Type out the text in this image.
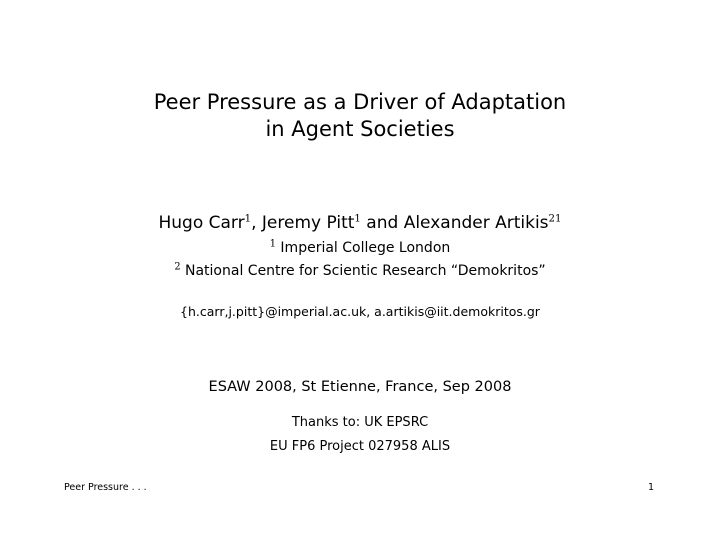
Peer Pressure as a Driver of Adaptation
in Agent Societies
Hugo Carr$^1$, Jeremy Pitt$^1$ and Alexander Artikis$^{21}$
$^1$ Imperial College London
$^2$ National Centre for Scientic Research “Demokritos”
{h.carr,j.pitt}@imperial.ac.uk, a.artikis@iit.demokritos.gr
ESAW 2008, St Etienne, France, Sep 2008
Thanks to: UK EPSRC
EU FP6 Project 027958 ALIS
Peer Pressure . . .	1
